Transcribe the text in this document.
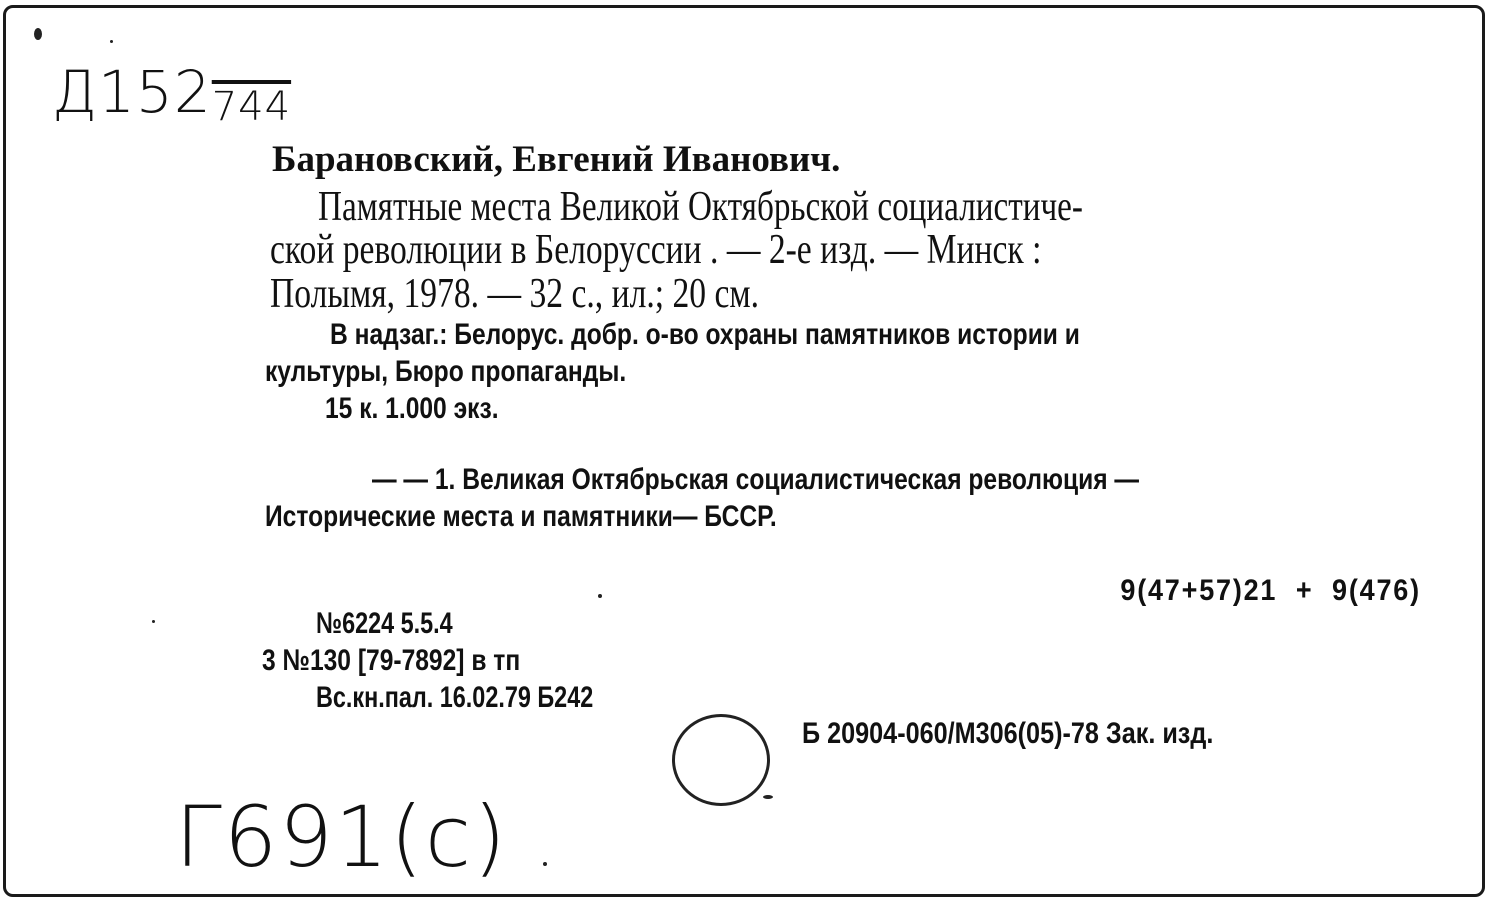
Д152744
Барановский, Евгений Иванович.
Памятные места Великой Октябрьской социалистиче-
ской революции в Белоруссии . — 2-е изд. — Минск :
Полымя, 1978. — 32 с., ил.; 20 см.
В надзаг.: Белорус. добр. о-во охраны памятников истории и
культуры, Бюро пропаганды.
15 к. 1.000 экз.
— — 1. Великая Октябрьская социалистическая революция —
Исторические места и памятники— БССР.
9(47+57)21  +  9(476)
№6224 5.5.4
3 №130 [79-7892] в тп
Вс.кн.пал. 16.02.79 Б242
Б 20904-060/М306(05)-78 Зак. изд.
Г691(с)
